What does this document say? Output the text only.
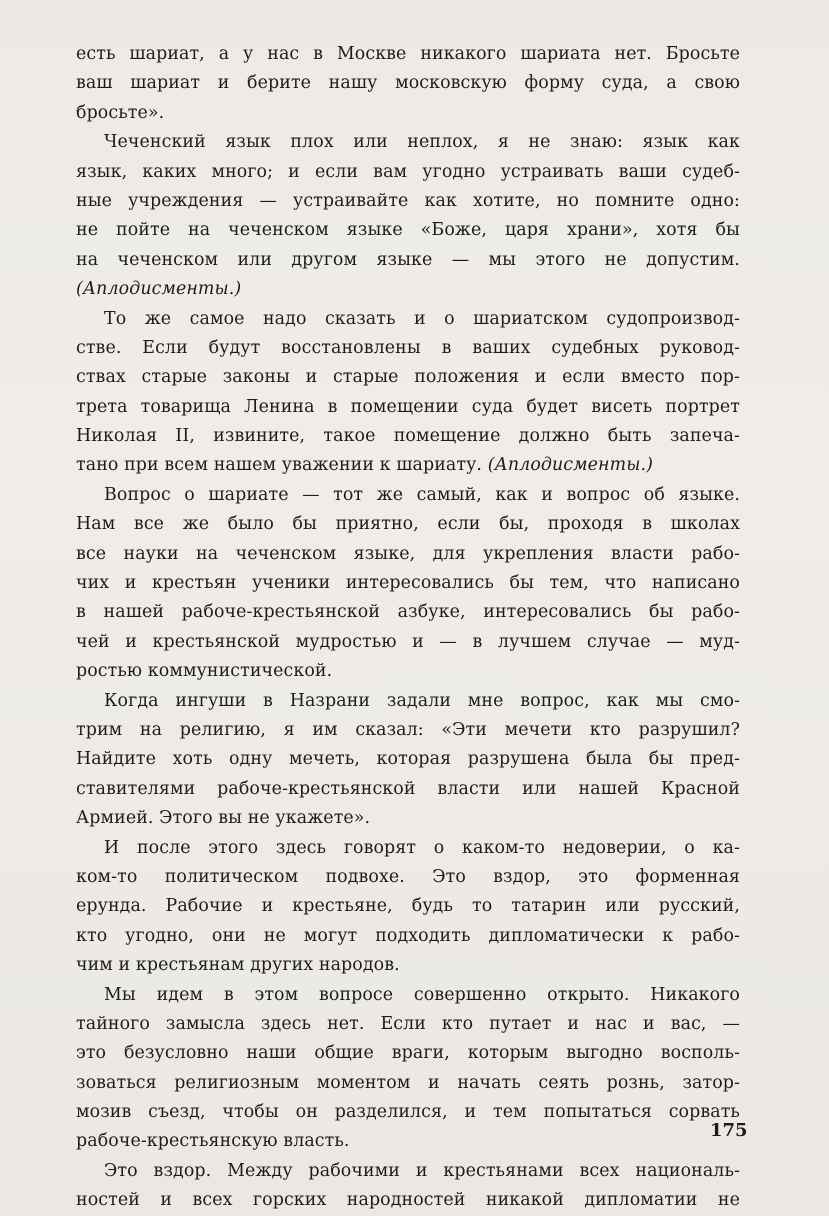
есть шариат, а у нас в Москве никакого шариата нет. Бросьте
ваш шариат и берите нашу московскую форму суда, а свою
бросьте».
Чеченский язык плох или неплох, я не знаю: язык как
язык, каких много; и если вам угодно устраивать ваши судеб-
ные учреждения — устраивайте как хотите, но помните одно:
не пойте на чеченском языке «Боже, царя храни», хотя бы
на чеченском или другом языке — мы этого не допустим.
(Аплодисменты.)
То же самое надо сказать и о шариатском судопроизвод-
стве. Если будут восстановлены в ваших судебных руковод-
ствах старые законы и старые положения и если вместо пор-
трета товарища Ленина в помещении суда будет висеть портрет
Николая II, извините, такое помещение должно быть запеча-
тано при всем нашем уважении к шариату. (Аплодисменты.)
Вопрос о шариате — тот же самый, как и вопрос об языке.
Нам все же было бы приятно, если бы, проходя в школах
все науки на чеченском языке, для укрепления власти рабо-
чих и крестьян ученики интересовались бы тем, что написано
в нашей рабоче-крестьянской азбуке, интересовались бы рабо-
чей и крестьянской мудростью и — в лучшем случае — муд-
ростью коммунистической.
Когда ингуши в Назрани задали мне вопрос, как мы смо-
трим на религию, я им сказал: «Эти мечети кто разрушил?
Найдите хоть одну мечеть, которая разрушена была бы пред-
ставителями рабоче-крестьянской власти или нашей Красной
Армией. Этого вы не укажете».
И после этого здесь говорят о каком-то недоверии, о ка-
ком-то политическом подвохе. Это вздор, это форменная
ерунда. Рабочие и крестьяне, будь то татарин или русский,
кто угодно, они не могут подходить дипломатически к рабо-
чим и крестьянам других народов.
Мы идем в этом вопросе совершенно открыто. Никакого
тайного замысла здесь нет. Если кто путает и нас и вас, —
это безусловно наши общие враги, которым выгодно восполь-
зоваться религиозным моментом и начать сеять рознь, затор-
мозив съезд, чтобы он разделился, и тем попытаться сорвать
рабоче-крестьянскую власть.
Это вздор. Между рабочими и крестьянами всех националь-
ностей и всех горских народностей никакой дипломатии не
175
